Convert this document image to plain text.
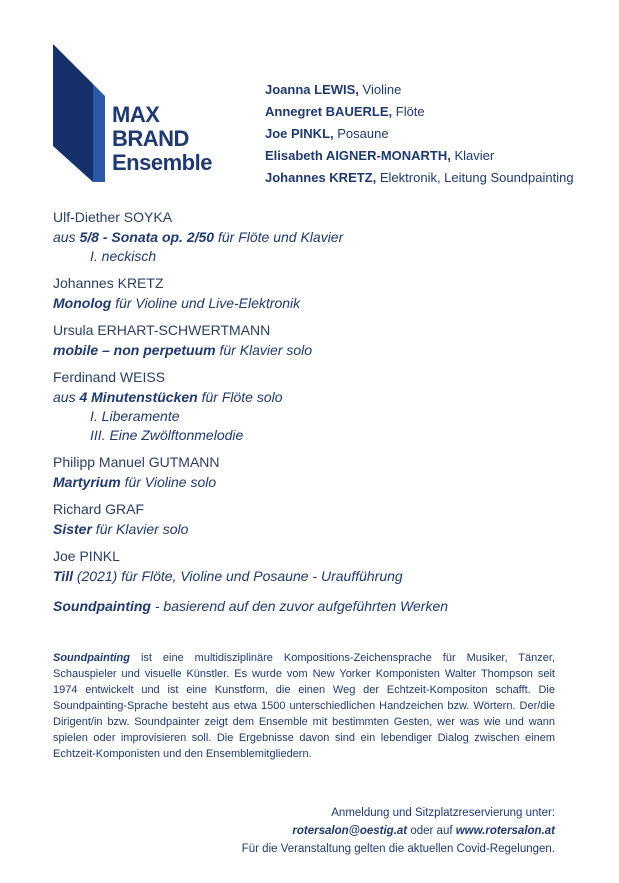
MAX
BRAND
Ensemble
Joanna LEWIS, Violine
Annegret BAUERLE, Flöte
Joe PINKL, Posaune
Elisabeth AIGNER-MONARTH, Klavier
Johannes KRETZ, Elektronik, Leitung Soundpainting
Ulf-Diether SOYKA
aus 5/8 - Sonata op. 2/50 für Flöte und Klavier
I. neckisch
Johannes KRETZ
Monolog für Violine und Live-Elektronik
Ursula ERHART-SCHWERTMANN
mobile – non perpetuum für Klavier solo
Ferdinand WEISS
aus 4 Minutenstücken für Flöte solo
I. Liberamente
III. Eine Zwölftonmelodie
Philipp Manuel GUTMANN
Martyrium für Violine solo
Richard GRAF
Sister für Klavier solo
Joe PINKL
Till (2021) für Flöte, Violine und Posaune - Uraufführung
Soundpainting - basierend auf den zuvor aufgeführten Werken
Soundpainting ist eine multidisziplinäre Kompositions-Zeichensprache für Musiker, Tänzer, Schauspieler und visuelle Künstler. Es wurde vom New Yorker Komponisten Walter Thompson seit 1974 entwickelt und ist eine Kunstform, die einen Weg der Echtzeit-Kompositon schafft. Die Soundpainting-Sprache besteht aus etwa 1500 unterschiedlichen Handzeichen bzw. Wörtern. Der/die Dirigent/in bzw. Soundpainter zeigt dem Ensemble mit bestimmten Gesten, wer was wie und wann spielen oder improvisieren soll. Die Ergebnisse davon sind ein lebendiger Dialog zwischen einem Echtzeit-Komponisten und den Ensemblemitgliedern.
Anmeldung und Sitzplatzreservierung unter:
rotersalon@oestig.at oder auf www.rotersalon.at
Für die Veranstaltung gelten die aktuellen Covid-Regelungen.
